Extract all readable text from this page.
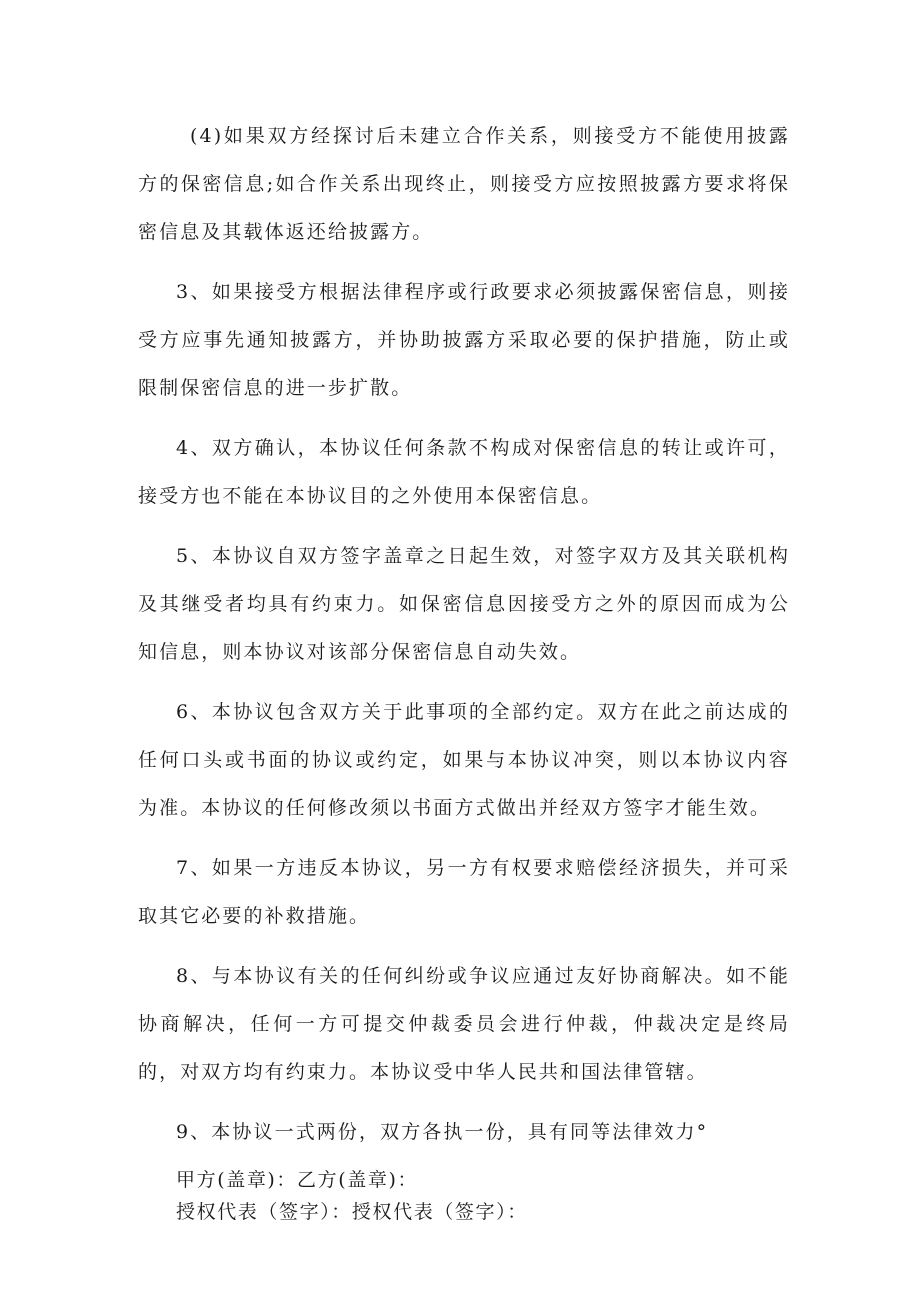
(4)如果双方经探讨后未建立合作关系，则接受方不能使用披露方的保密信息;如合作关系出现终止，则接受方应按照披露方要求将保密信息及其载体返还给披露方。

3、如果接受方根据法律程序或行政要求必须披露保密信息，则接受方应事先通知披露方，并协助披露方采取必要的保护措施，防止或限制保密信息的进一步扩散。

4、双方确认，本协议任何条款不构成对保密信息的转让或许可，接受方也不能在本协议目的之外使用本保密信息。

5、本协议自双方签字盖章之日起生效，对签字双方及其关联机构及其继受者均具有约束力。如保密信息因接受方之外的原因而成为公知信息，则本协议对该部分保密信息自动失效。

6、本协议包含双方关于此事项的全部约定。双方在此之前达成的任何口头或书面的协议或约定，如果与本协议冲突，则以本协议内容为准。本协议的任何修改须以书面方式做出并经双方签字才能生效。

7、如果一方违反本协议，另一方有权要求赔偿经济损失，并可采取其它必要的补救措施。

8、与本协议有关的任何纠纷或争议应通过友好协商解决。如不能协商解决，任何一方可提交仲裁委员会进行仲裁，仲裁决定是终局的，对双方均有约束力。本协议受中华人民共和国法律管辖。

9、本协议一式两份，双方各执一份，具有同等法律效力°

甲方(盖章)：乙方(盖章)：
授权代表（签字）：授权代表（签字）：
